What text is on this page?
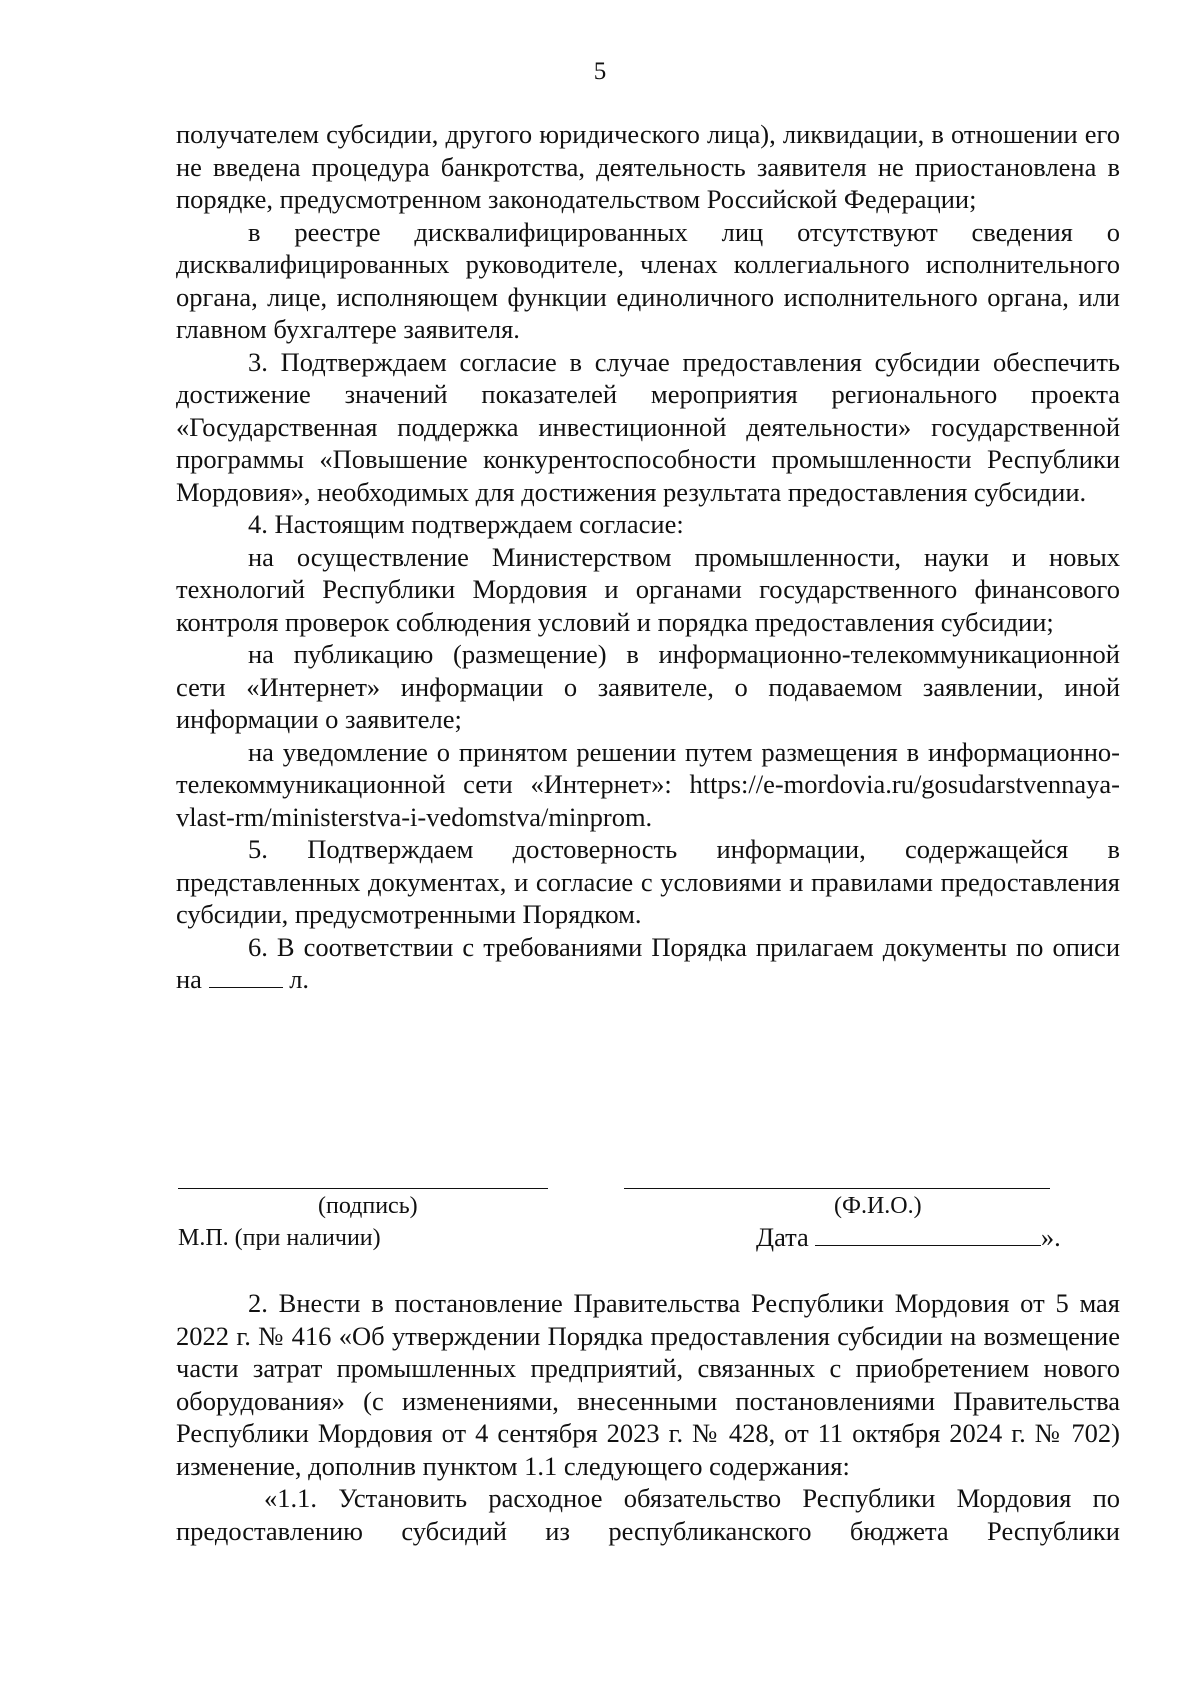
5

получателем субсидии, другого юридического лица), ликвидации, в отношении его не введена процедура банкротства, деятельность заявителя не приостановлена в порядке, предусмотренном законодательством Российской Федерации;

в реестре дисквалифицированных лиц отсутствуют сведения о дисквалифицированных руководителе, членах коллегиального исполнительного органа, лице, исполняющем функции единоличного исполнительного органа, или главном бухгалтере заявителя.

3. Подтверждаем согласие в случае предоставления субсидии обеспечить достижение значений показателей мероприятия регионального проекта «Государственная поддержка инвестиционной деятельности» государственной программы «Повышение конкурентоспособности промышленности Республики Мордовия», необходимых для достижения результата предоставления субсидии.

4. Настоящим подтверждаем согласие:

на осуществление Министерством промышленности, науки и новых технологий Республики Мордовия и органами государственного финансового контроля проверок соблюдения условий и порядка предоставления субсидии;

на публикацию (размещение) в информационно-телекоммуникационной сети «Интернет» информации о заявителе, о подаваемом заявлении, иной информации о заявителе;

на уведомление о принятом решении путем размещения в информационно-телекоммуникационной сети «Интернет»: https://e-mordovia.ru/gosudarstvennaya-vlast-rm/ministerstva-i-vedomstva/minprom.

5. Подтверждаем достоверность информации, содержащейся в представленных документах, и согласие с условиями и правилами предоставления субсидии, предусмотренными Порядком.

6. В соответствии с требованиями Порядка прилагаем документы по описи на	л.

(подпись)	(Ф.И.О.)
М.П. (при наличии)	Дата	».

2. Внести в постановление Правительства Республики Мордовия от 5 мая 2022 г. № 416 «Об утверждении Порядка предоставления субсидии на возмещение части затрат промышленных предприятий, связанных с приобретением нового оборудования» (с изменениями, внесенными постановлениями Правительства Республики Мордовия от 4 сентября 2023 г. № 428, от 11 октября 2024 г. № 702) изменение, дополнив пунктом 1.1 следующего содержания:

«1.1. Установить расходное обязательство Республики Мордовия по предоставлению субсидий из республиканского бюджета Республики
